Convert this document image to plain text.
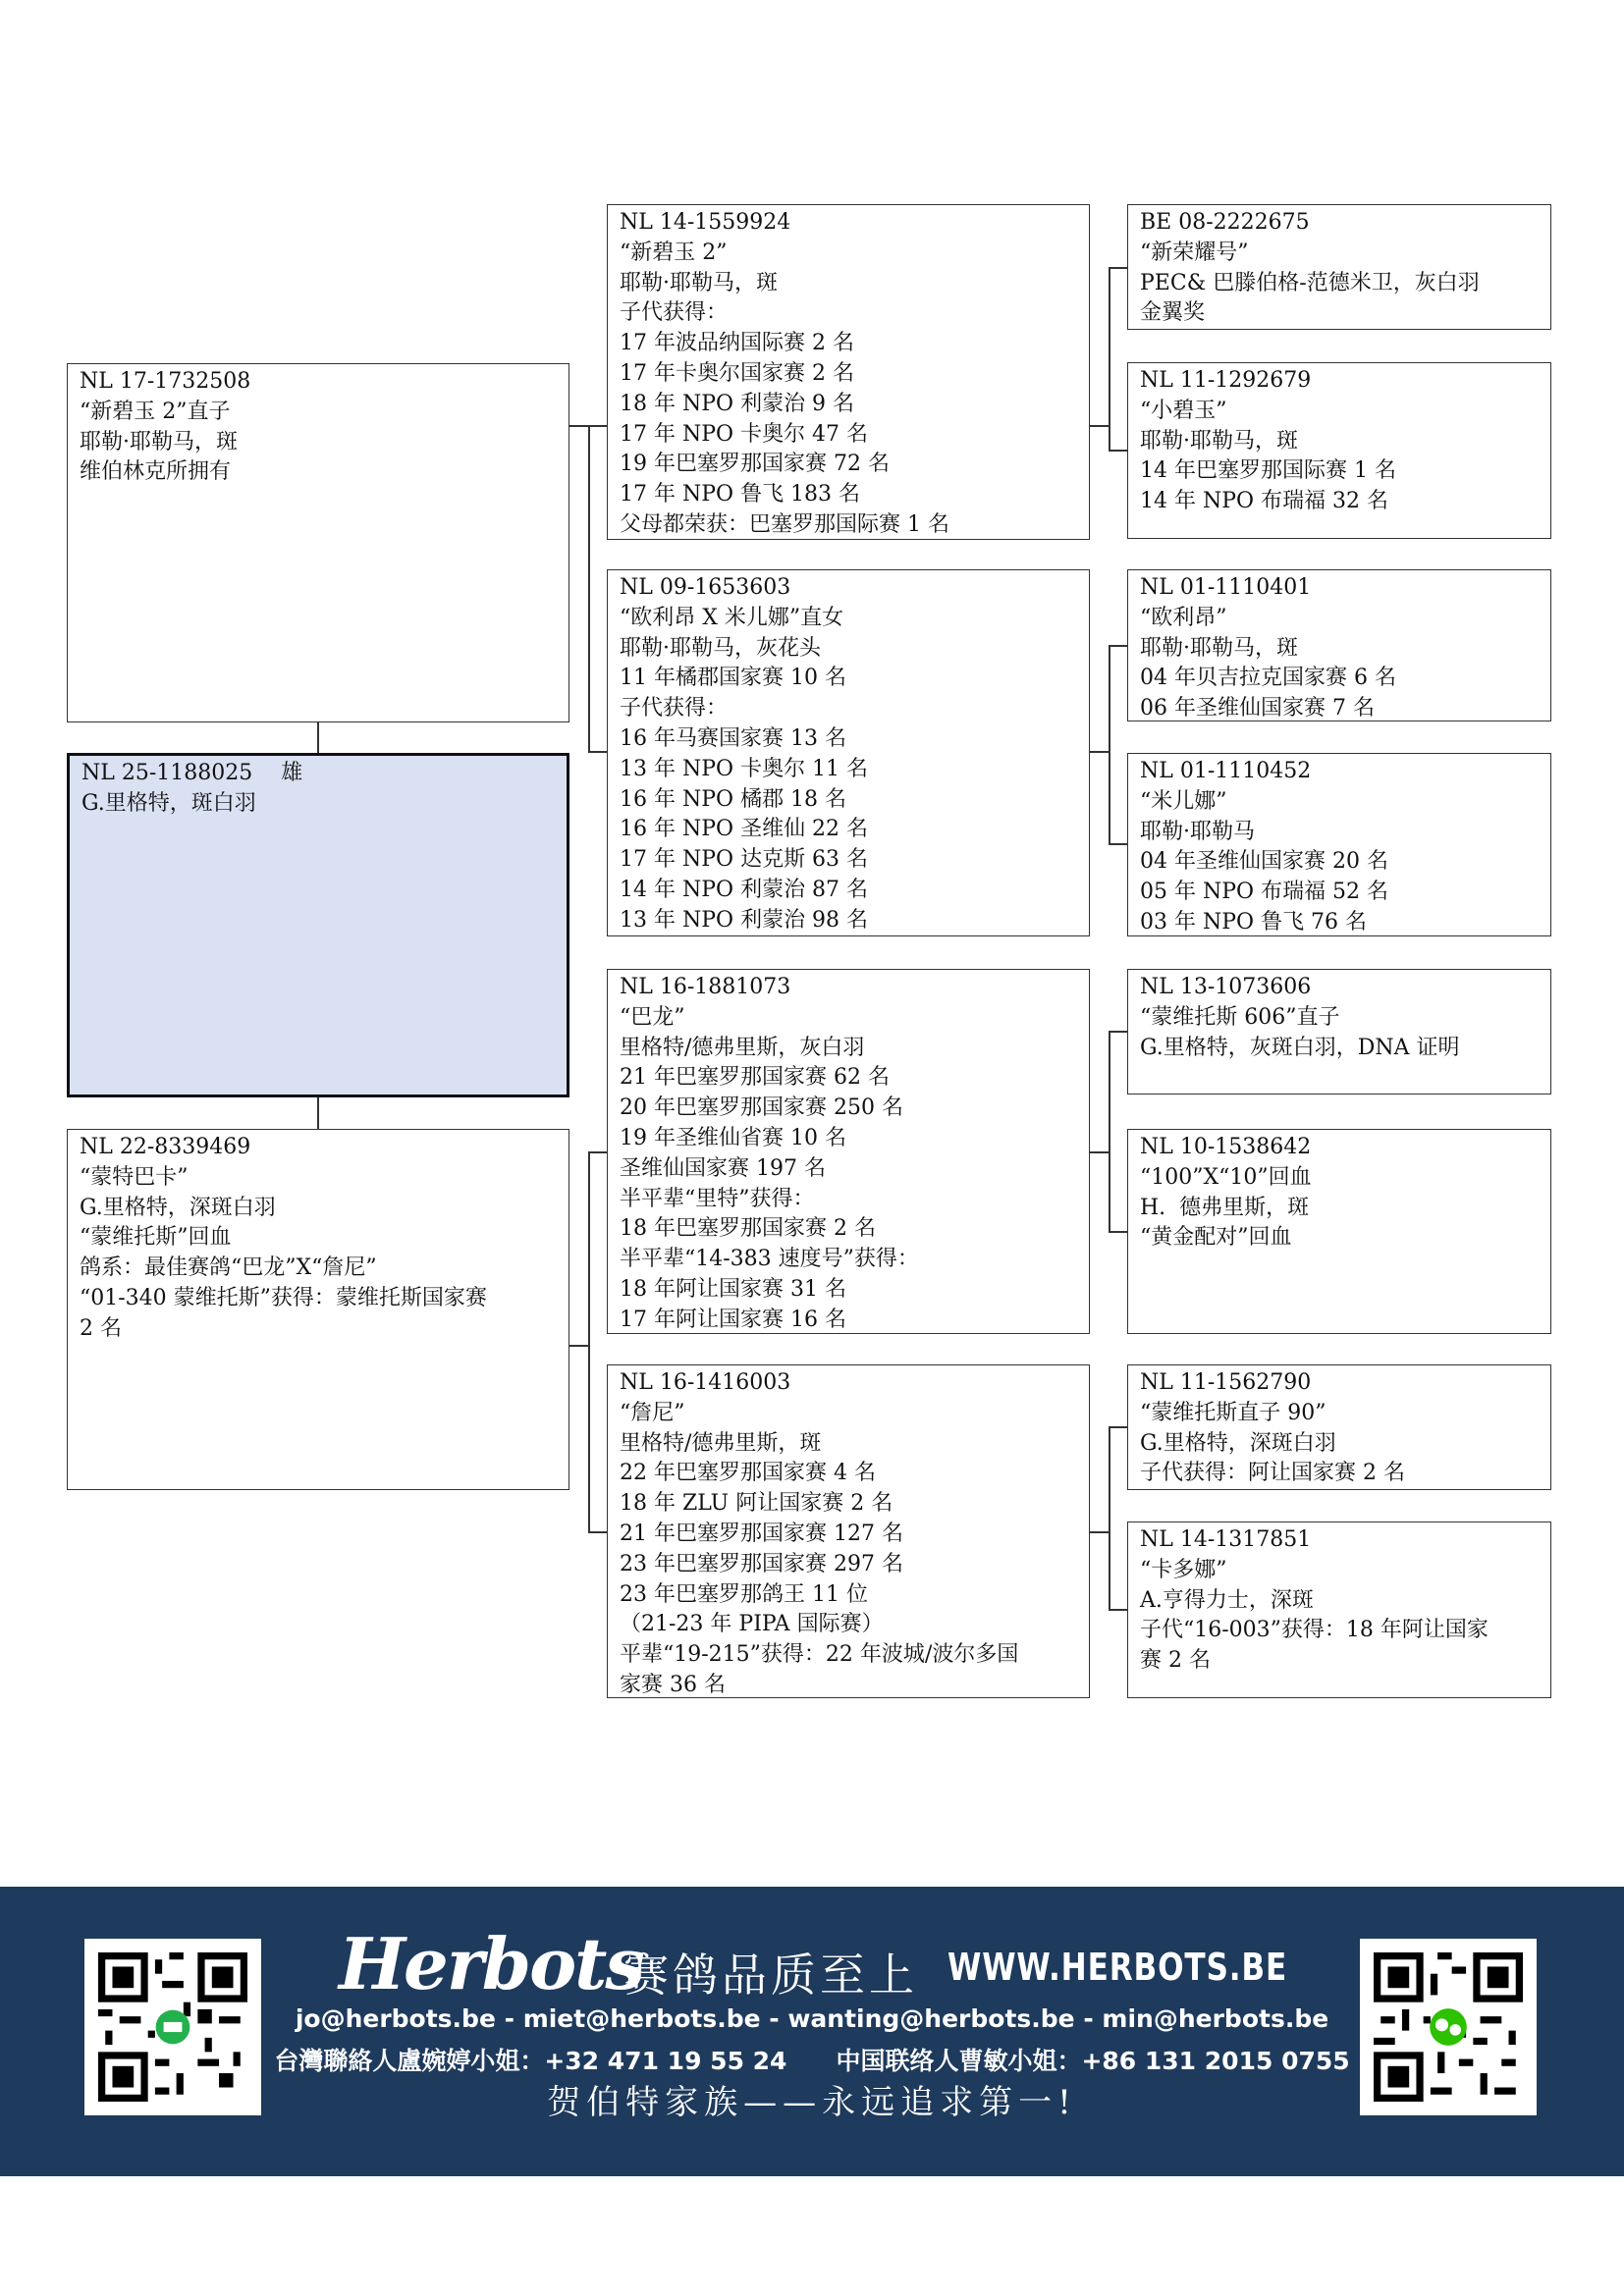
NL 17-1732508
“新碧玉 2”直子
耶勒·耶勒马，斑
维伯林克所拥有
NL 25-1188025　 雄
G.里格特，斑白羽
NL 22-8339469
“蒙特巴卡”
G.里格特，深斑白羽
“蒙维托斯”回血
鸽系：最佳赛鸽“巴龙”X“詹尼”
“01-340 蒙维托斯”获得：蒙维托斯国家赛
2 名
NL 14-1559924
“新碧玉 2”
耶勒·耶勒马，斑
子代获得：
17 年波品纳国际赛 2 名
17 年卡奥尔国家赛 2 名
18 年 NPO 利蒙治 9 名
17 年 NPO 卡奥尔 47 名
19 年巴塞罗那国家赛 72 名
17 年 NPO 鲁飞 183 名
父母都荣获：巴塞罗那国际赛 1 名
NL 09-1653603
“欧利昂 X 米儿娜”直女
耶勒·耶勒马，灰花头
11 年橘郡国家赛 10 名
子代获得：
16 年马赛国家赛 13 名
13 年 NPO 卡奥尔 11 名
16 年 NPO 橘郡 18 名
16 年 NPO 圣维仙 22 名
17 年 NPO 达克斯 63 名
14 年 NPO 利蒙治 87 名
13 年 NPO 利蒙治 98 名
NL 16-1881073
“巴龙”
里格特/德弗里斯，灰白羽
21 年巴塞罗那国家赛 62 名
20 年巴塞罗那国家赛 250 名
19 年圣维仙省赛 10 名
圣维仙国家赛 197 名
半平辈“里特”获得：
18 年巴塞罗那国家赛 2 名
半平辈“14-383 速度号”获得：
18 年阿让国家赛 31 名
17 年阿让国家赛 16 名
NL 16-1416003
“詹尼”
里格特/德弗里斯，斑
22 年巴塞罗那国家赛 4 名
18 年 ZLU 阿让国家赛 2 名
21 年巴塞罗那国家赛 127 名
23 年巴塞罗那国家赛 297 名
23 年巴塞罗那鸽王 11 位
（21-23 年 PIPA 国际赛）
平辈“19-215”获得：22 年波城/波尔多国
家赛 36 名
BE 08-2222675
“新荣耀号”
PEC& 巴滕伯格-范德米卫，灰白羽
金翼奖
NL 11-1292679
“小碧玉”
耶勒·耶勒马，斑
14 年巴塞罗那国际赛 1 名
14 年 NPO 布瑞福 32 名
NL 01-1110401
“欧利昂”
耶勒·耶勒马，斑
04 年贝吉拉克国家赛 6 名
06 年圣维仙国家赛 7 名
NL 01-1110452
“米儿娜”
耶勒·耶勒马
04 年圣维仙国家赛 20 名
05 年 NPO 布瑞福 52 名
03 年 NPO 鲁飞 76 名
NL 13-1073606
“蒙维托斯 606”直子
G.里格特，灰斑白羽，DNA 证明
NL 10-1538642
“100”X“10”回血
H.  德弗里斯，斑
“黄金配对”回血
NL 11-1562790
“蒙维托斯直子 90”
G.里格特，深斑白羽
子代获得：阿让国家赛 2 名
NL 14-1317851
“卡多娜”
A.亨得力士，深斑
子代“16-003”获得：18 年阿让国家
赛 2 名
Herbots
赛鸽品质至上 WWW.HERBOTS.BE
jo@herbots.be - miet@herbots.be - wanting@herbots.be - min@herbots.be
台灣聯絡人盧婉婷小姐：+32 471 19 55 24　　中国联络人曹敏小姐：+86 131 2015 0755
贺伯特家族——永远追求第一!
